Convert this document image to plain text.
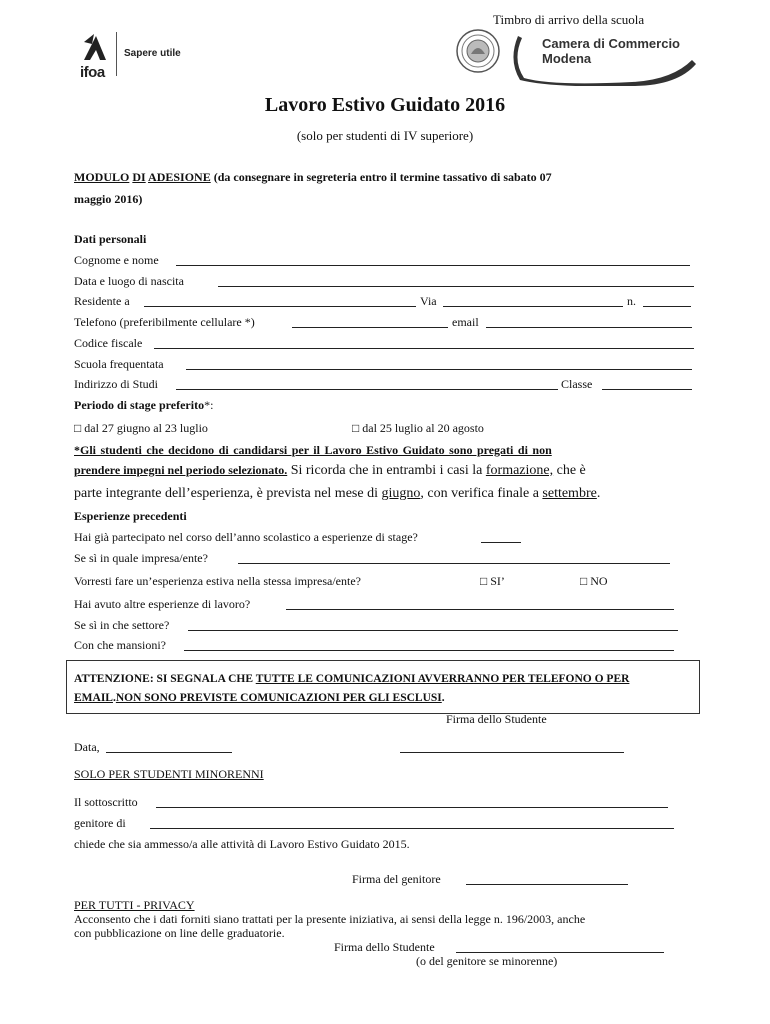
Timbro di arrivo della scuola
ifoa
Sapere utile
Camera di Commercio
Modena
Lavoro Estivo Guidato 2016
(solo per studenti di IV superiore)
MODULO DI ADESIONE (da consegnare in segreteria entro il termine tassativo di sabato 07
maggio 2016)
Dati personali
Cognome e nome
Data e luogo di nascita
Residente a	Via	n.
Telefono (preferibilmente cellulare *)	email
Codice fiscale
Scuola frequentata
Indirizzo di Studi	Classe
Periodo di stage preferito*:
□ dal 27 giugno al 23 luglio	□ dal 25 luglio al 20 agosto
*Gli studenti che decidono di candidarsi per il Lavoro Estivo Guidato sono pregati di non
prendere impegni nel periodo selezionato. Si ricorda che in entrambi i casi la formazione, che è
parte integrante dell’esperienza, è prevista nel mese di giugno, con verifica finale a settembre.
Esperienze precedenti
Hai già partecipato nel corso dell’anno scolastico a esperienze di stage?
Se sì in quale impresa/ente?
Vorresti fare un’esperienza estiva nella stessa impresa/ente?	□ SI’	□ NO
Hai avuto altre esperienze di lavoro?
Se sì in che settore?
Con che mansioni?
ATTENZIONE: SI SEGNALA CHE TUTTE LE COMUNICAZIONI AVVERRANNO PER TELEFONO O PER
EMAIL.NON SONO PREVISTE COMUNICAZIONI PER GLI ESCLUSI.
Firma dello Studente
Data,
SOLO PER STUDENTI MINORENNI
Il sottoscritto
genitore di
chiede che sia ammesso/a alle attività di Lavoro Estivo Guidato 2015.
Firma del genitore
PER TUTTI - PRIVACY
Acconsento che i dati forniti siano trattati per la presente iniziativa, ai sensi della legge n. 196/2003, anche
con pubblicazione on line delle graduatorie.
Firma dello Studente
(o del genitore se minorenne)
